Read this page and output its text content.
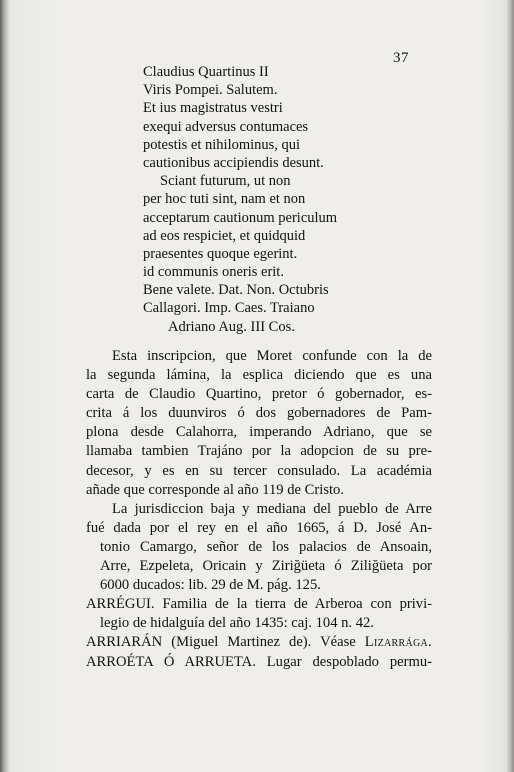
37
Claudius Quartinus II
Viris Pompei. Salutem.
Et ius magistratus vestri
exequi adversus contumaces
potestis et nihilominus, qui
cautionibus accipiendis desunt.
Sciant futurum, ut non
per hoc tuti sint, nam et non
acceptarum cautionum periculum
ad eos respiciet, et quidquid
praesentes quoque egerint.
id communis oneris erit.
Bene valete. Dat. Non. Octubris
Callagori. Imp. Caes. Traiano
Adriano Aug. III Cos.
Esta inscripcion, que Moret confunde con la de
la segunda lámina, la esplica diciendo que es una
carta de Claudio Quartino, pretor ó gobernador, es-
crita á los duunviros ó dos gobernadores de Pam-
plona desde Calahorra, imperando Adriano, que se
llamaba tambien Trajáno por la adopcion de su pre-
decesor, y es en su tercer consulado. La académia
añade que corresponde al año 119 de Cristo.
La jurisdiccion baja y mediana del pueblo de Arre
fué dada por el rey en el año 1665, á D. José An-
tonio Camargo, señor de los palacios de Ansoain,
Arre, Ezpeleta, Oricain y Ziriğüeta ó Ziliğüeta por
6000 ducados: lib. 29 de M. pág. 125.
ARRÉGUI. Familia de la tierra de Arberoa con privi-
legio de hidalguía del año 1435: caj. 104 n. 42.
ARRIARÁN (Miguel Martinez de). Véase Lizarrága.
ARROÉTA Ó ARRUETA. Lugar despoblado permu-
